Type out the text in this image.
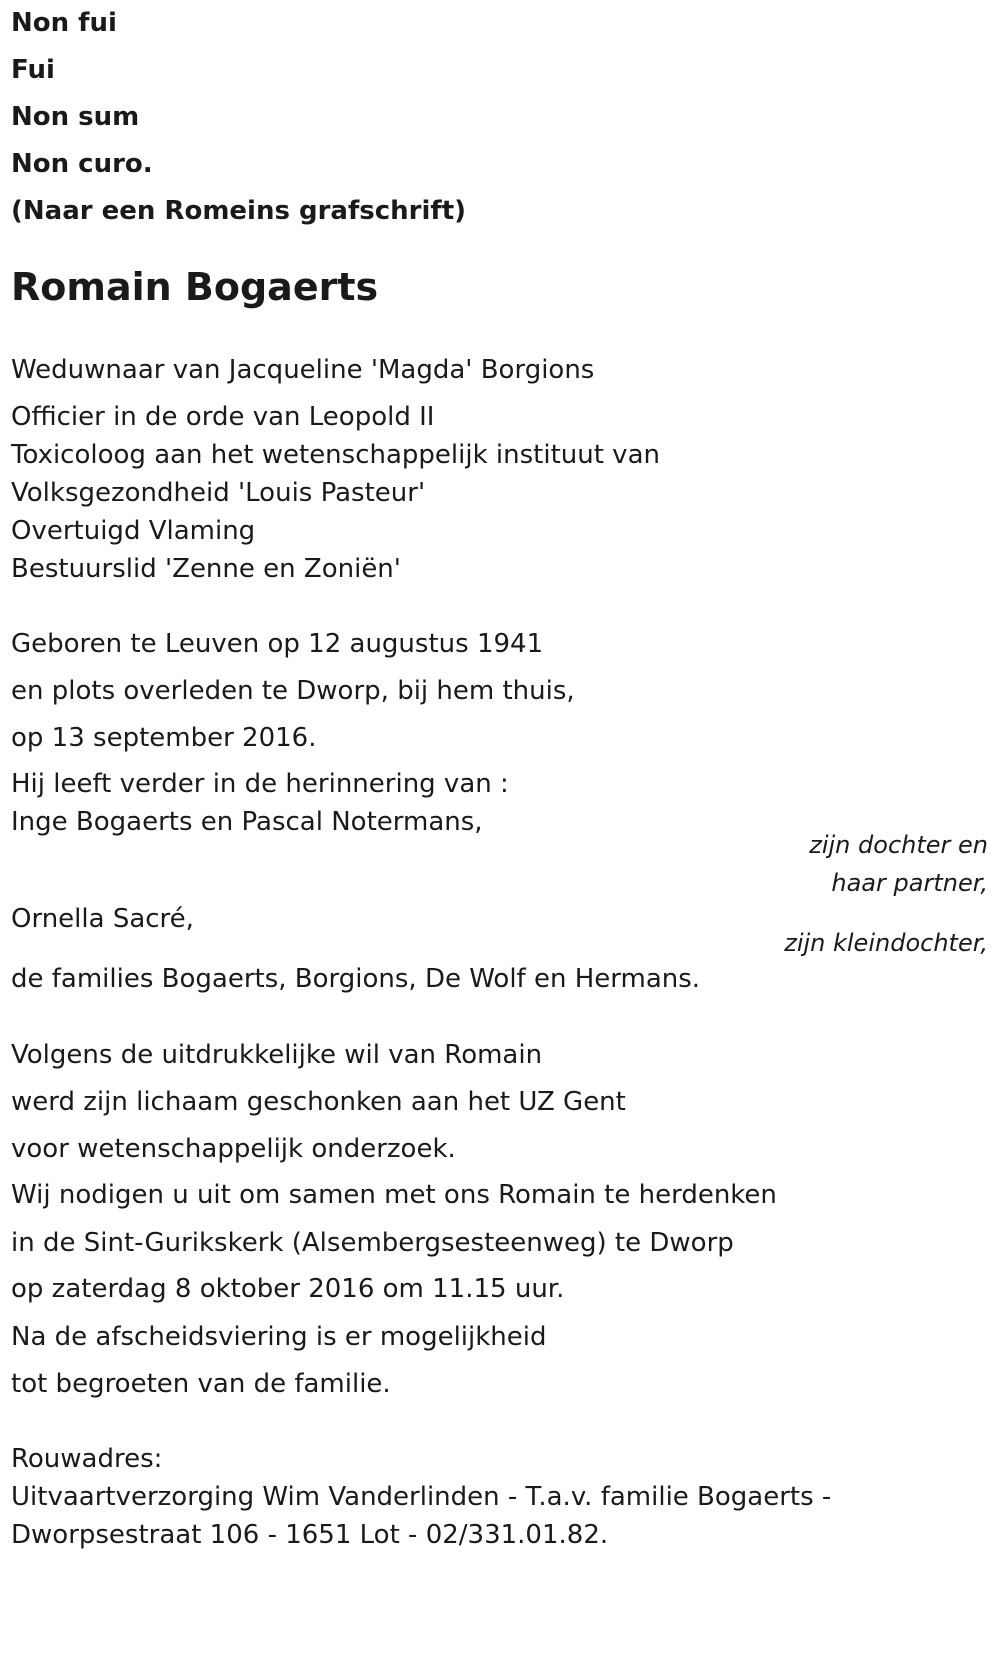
Non fui
Fui
Non sum
Non curo.
(Naar een Romeins grafschrift)
Romain Bogaerts
Weduwnaar van Jacqueline 'Magda' Borgions
Officier in de orde van Leopold II
Toxicoloog aan het wetenschappelijk instituut van
Volksgezondheid 'Louis Pasteur'
Overtuigd Vlaming
Bestuurslid 'Zenne en Zoniën'
Geboren te Leuven op 12 augustus 1941
en plots overleden te Dworp, bij hem thuis,
op 13 september 2016.
Hij leeft verder in de herinnering van :
Inge Bogaerts en Pascal Notermans,
zijn dochter en
haar partner,
Ornella Sacré,
zijn kleindochter,
de families Bogaerts, Borgions, De Wolf en Hermans.
Volgens de uitdrukkelijke wil van Romain
werd zijn lichaam geschonken aan het UZ Gent
voor wetenschappelijk onderzoek.
Wij nodigen u uit om samen met ons Romain te herdenken
in de Sint-Gurikskerk (Alsembergsesteenweg) te Dworp
op zaterdag 8 oktober 2016 om 11.15 uur.
Na de afscheidsviering is er mogelijkheid
tot begroeten van de familie.
Rouwadres:
Uitvaartverzorging Wim Vanderlinden - T.a.v. familie Bogaerts -
Dworpsestraat 106 - 1651 Lot - 02/331.01.82.
